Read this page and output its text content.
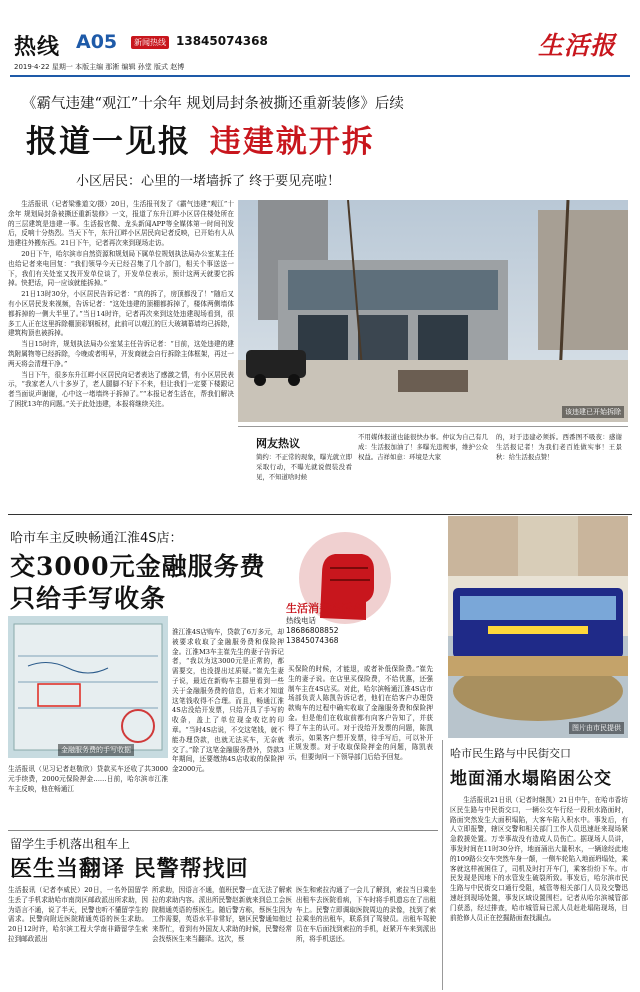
热线 A05	新闻热线 13845074368	生活报
2019·4·22 星期一 本版主编 那淅 编辑 孙堂 版式 赵博
《霸气违建“观江”十余年 规划局封条被撕还重新装修》后续
报道一见报 违建就开拆
小区居民：心里的一堵墙拆了 终于要见亮啦！

生活报讯（记者梁雅道文/摄）20日，生活报刊发了《霸气违建“观江”十余年 规划局封条被撕还重新装修》一文，报道了东升江畔小区居住楼处所在的三层建筑是违建一事。生活报官微、龙头新闻APP等全媒体第一时间刊发后，反响十分热烈。当天下午，东升江畔小区居民向记者反映，已开始有人从违建往外搬东西。21日下午，记者再次来到现场走访。

20日下午，哈尔滨市自然资源和规划局下属单位规划执法局办公室某主任也给记者来电回复：“我们领导今天已经召集了几个部门，相关个事送送一下，我们有关处室又找开发单位谈了，开发单位表示，预计这两天就要它拆掉。快把话，同一应该就能拆掉。”

21日13时30分，小区居民告诉记者：“真的拆了，房顶都没了！”随后又有小区居民发来视频，告诉记者：“这处违建的顶棚都拆掉了，楼体两侧墙体都拆掉的一侧大半里了。”当日14时许，记者再次来到这处违建现场看到，很多工人正在这里拆除棚顶彩钢板材，此前可以观江的巨大玻璃幕墙均已拆除，建筑构顶也被拆掉。

当日15时许，规划执法局办公室某主任告诉记者：“目前，这处违建的建筑附属物等已经拆除，今晚或者明早，开发商就会自行拆除主体框架，再过一两天将会清理干净。”

当日下午，很多东升江畔小区居民向记者表达了感激之情，有小区居民表示，“我家老人八十多岁了，老人腿脚不好下不来，但让我们一定要下楼跟记者当面说声谢谢，心中这一堵墙终于拆掉了。”“本报记者生活在，帮我们解决了困扰13年的问题。”关于此处违建，本报将继续关注。

该违建已开始拆除
网友热议
简约：不正常的现象，曝光就立即采取行动，不曝光就说假装没看见，不知道啥时候
不用媒体报道也能很快办事。仲议为自己有几成：生活报加油了！多曝光违规事，维护公众权益。吉祥如意：环境是大家
的，对于违建必须拆。西番图不吸夜：感谢生活报记者！为我们老百姓做实事！王景秋：给生活报点赞！
哈市车主反映畅通江淮4S店：
交3000元金融服务费
只给手写收条	生活消费投诉台
热线电话
18686808852
13845074368
金融服务费的手写收据
生活报讯（见习记者赵敬欣）贷款买车还收了共3000元手续费，2000元保险押金……日前，哈尔滨市江淮车主反映，他在畅通江
淮江淮4S店购车，贷款了6万多元，却被要求收取了金融服务费和保险押金。江淮M3车主崔先生的妻子告诉记者，“我以为这3000元是正常的，都需要交，也没提出过质疑。”崔先生妻子说，最近在新购车主群里看到一些关于金融服务费的信息，后来才知道这笔钱收得不合理。而且，畅通江淮4S店没给开发票，只给开具了手写的收条，盖上了单位现金收讫的印章。“当时4S店说，不交这笔钱，就不能办理贷款，也就无法买车，无奈就交了。”除了这笔金融服务费外，贷款3年期间，还要缴纳4S店收取的保险押金2000元。
买保险的时候，才能退，或者补低保险费。”崔先生的妻子说。在店里买保险费，不给优惠，还强制车主在4S店买。对此，哈尔滨畅通江淮4S店市场部负责人陈凯告诉记者，他们在给客户办理贷款购车的过程中确实收取了金融服务费和保险押金。但是他们在收取前都有向客户告知了，并获得了车主的认可。对于没给开发票的问题，陈凯表示，如果客户想开发票，待手写后，可以补开正规发票。对于收取保险押金的问题，陈凯表示，但要询问一下领导部门后给予回复。
图片由市民提供
哈市民生路与中民街交口
地面涌水塌陷困公交

生活报讯21日讯（记者时继凯）21日中午，在哈市香坊区民生路与中民街交口，一辆公交车行经一段积水路面时，路面突然发生大面积塌陷，大客车陷入积水中。事发后，有人立即报警，辖区交警和相关部门工作人员迅速赶来现场紧急救援处置。万幸事故没有造成人员伤亡。据现场人员讲，事发时间在11时30分许，地面涌出大量积水，一辆途经此地的109路公交车突然车身一颠，一侧车轮陷入地面坍塌处，乘客就这样被困住了，司机及时打开车门，乘客纷纷下车。市民发现是因地下的水管发生破裂所致。事发后，哈尔滨市民生路与中民街交口通行受阻，城管等相关部门人员及交警迅速赶到现场处置，事发区域设置围栏。记者从哈尔滨城管部门获悉，经过排查，哈市城管局已派人员赶赴塌陷现场，目前抢修人员正在挖掘路面查找漏点。

留学生手机落出租车上
医生当翻译 民警帮找回
生活报讯（记者李威民）20日，一名外国留学生丢了手机求助哈市南岗区邮政派出所求助，因为语言不通，说了半天，民警也听不懂留学生的需求。民警向附近医院精通英语的医生求助。20日12时许，哈尔滨工程大学南非籍留学生索拉到邮政派出
所求助，因语言不通，值班民警一直无法了解索拉的求助内容。派出所民警赵新就来到总工会医院精通英语的蔡医生。随后警方称，蔡医生因为工作需要，英语水平非常好，辖区民警通知他过来帮忙，看到有外国友人求助的时候，民警经常会找蔡医生来当翻译。这次，蔡
医生和索拉沟通了一会儿了解到，索拉当日乘坐出租车去医院看病，下车时将手机遗忘在了出租车上。民警立即调取医院周边的录像，找到了索拉乘坐的出租车，联系到了驾驶员。出租车驾驶员在车后面找到索拉的手机，赶紧开车来到派出所，将手机送还。
